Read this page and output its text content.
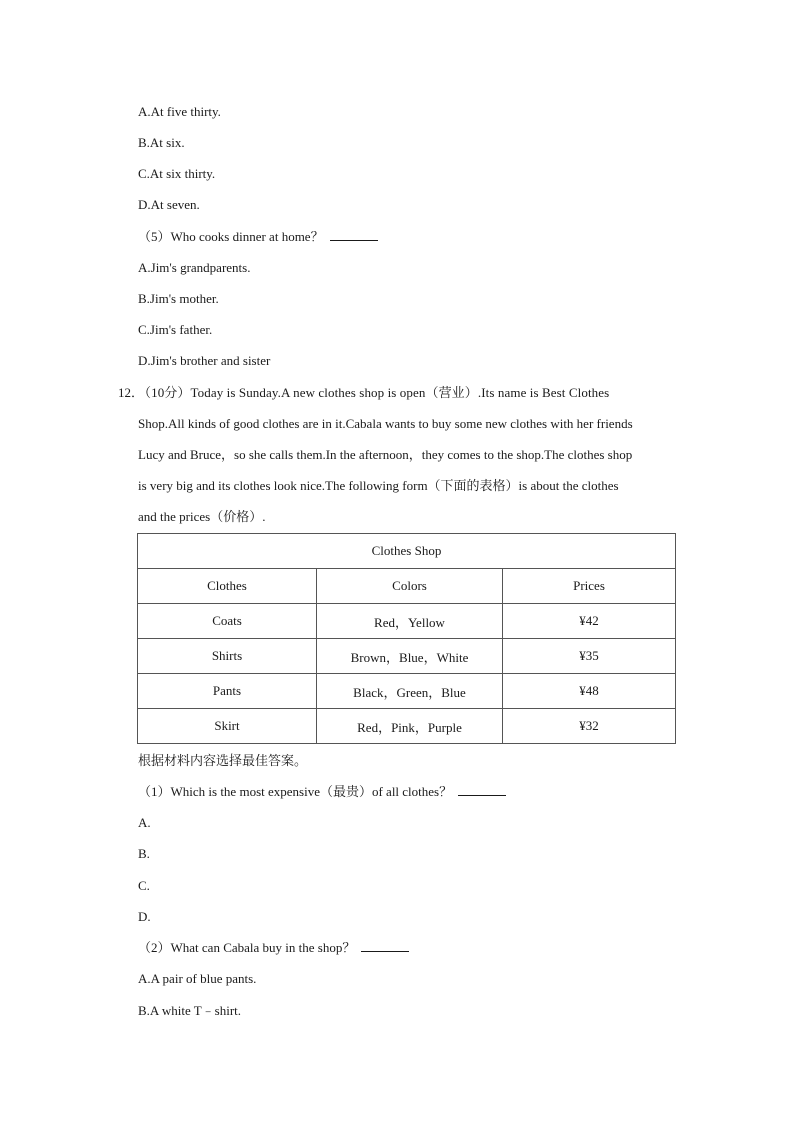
A.At five thirty.
B.At six.
C.At six thirty.
D.At seven.
（5）Who cooks dinner at home？
A.Jim's grandparents.
B.Jim's mother.
C.Jim's father.
D.Jim's brother and sister
12．
（10分）Today is Sunday.A new clothes shop is open（营业）.Its name is Best Clothes
Shop.All kinds of good clothes are in it.Cabala wants to buy some new clothes with her friends
Lucy and Bruce，so she calls them.In the afternoon，they comes to the shop.The clothes shop
is very big and its clothes look nice.The following form（下面的表格）is about the clothes
and the prices（价格）.
Clothes Shop		
Clothes	Colors	Prices
Coats	Red，Yellow	¥42
Shirts	Brown，Blue，White	¥35
Pants	Black，Green，Blue	¥48
Skirt	Red，Pink，Purple	¥32
根据材料内容选择最佳答案。
（1）Which is the most expensive（最贵）of all clothes？
A.
B.
C.
D.
（2）What can Cabala buy in the shop？
A.A pair of blue pants.
B.A white T﹣shirt.
